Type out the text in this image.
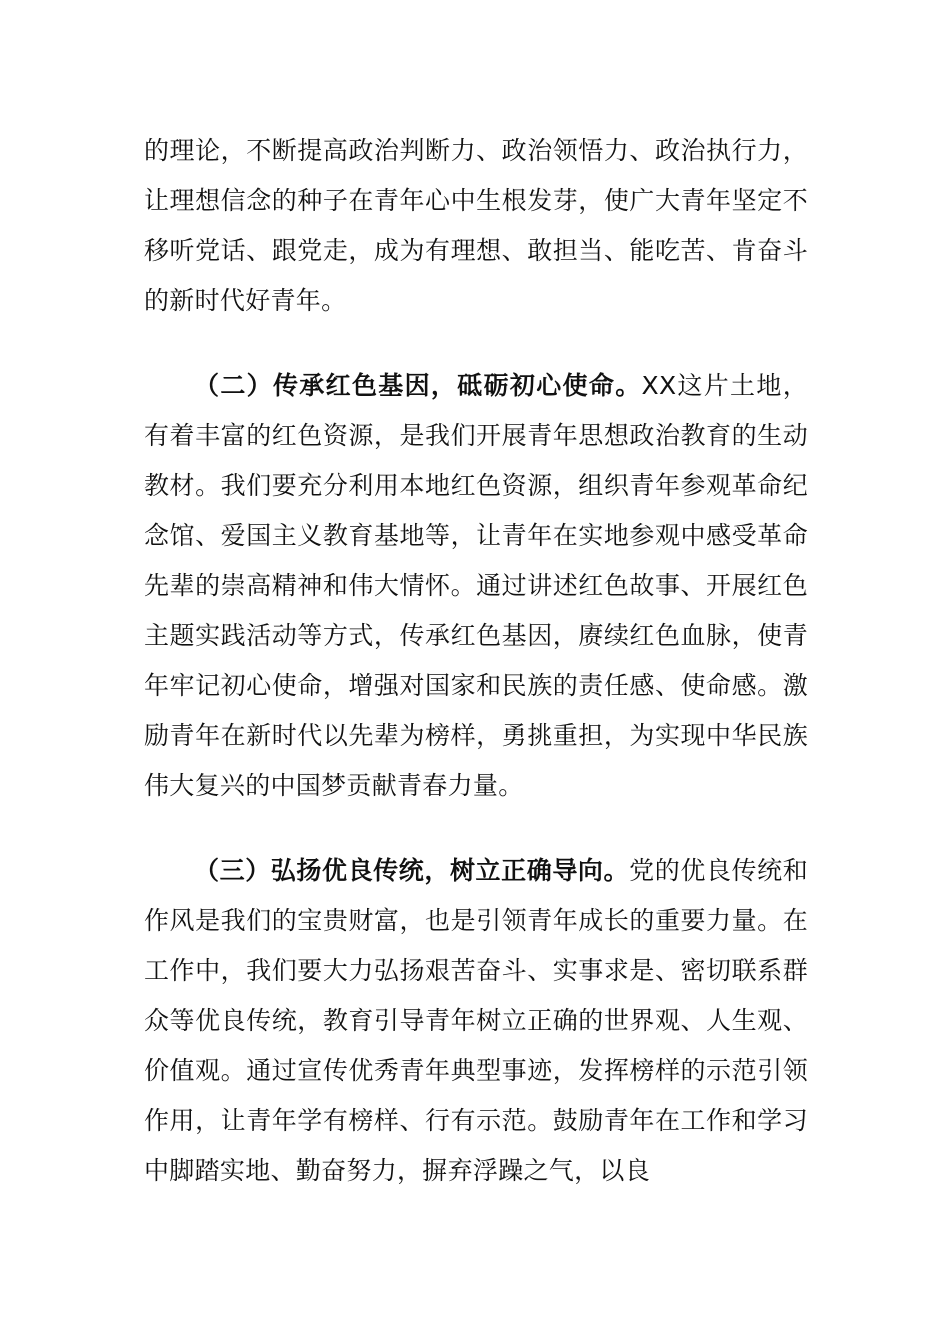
的理论，不断提高政治判断力、政治领悟力、政治执行力，让理想信念的种子在青年心中生根发芽，使广大青年坚定不移听党话、跟党走，成为有理想、敢担当、能吃苦、肯奋斗的新时代好青年。

（二）传承红色基因，砥砺初心使命。XX这片土地，有着丰富的红色资源，是我们开展青年思想政治教育的生动教材。我们要充分利用本地红色资源，组织青年参观革命纪念馆、爱国主义教育基地等，让青年在实地参观中感受革命先辈的崇高精神和伟大情怀。通过讲述红色故事、开展红色主题实践活动等方式，传承红色基因，赓续红色血脉，使青年牢记初心使命，增强对国家和民族的责任感、使命感。激励青年在新时代以先辈为榜样，勇挑重担，为实现中华民族伟大复兴的中国梦贡献青春力量。

（三）弘扬优良传统，树立正确导向。党的优良传统和作风是我们的宝贵财富，也是引领青年成长的重要力量。在工作中，我们要大力弘扬艰苦奋斗、实事求是、密切联系群众等优良传统，教育引导青年树立正确的世界观、人生观、价值观。通过宣传优秀青年典型事迹，发挥榜样的示范引领作用，让青年学有榜样、行有示范。鼓励青年在工作和学习中脚踏实地、勤奋努力，摒弃浮躁之气，以良
